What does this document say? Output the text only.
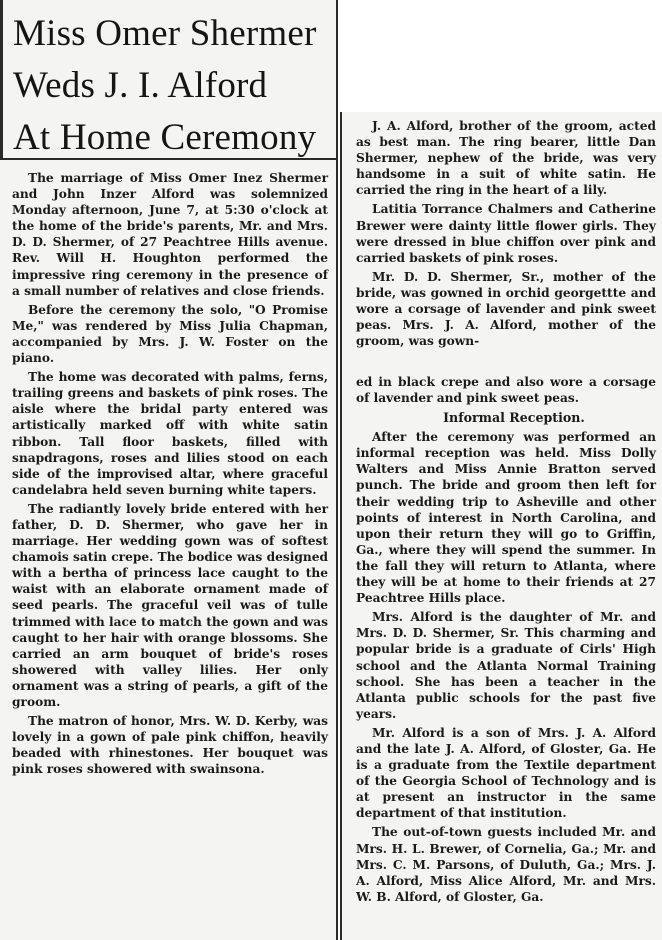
Miss Omer Shermer
Weds J. I. Alford
At Home Ceremony

The marriage of Miss Omer Inez Shermer and John Inzer Alford was solemnized Monday afternoon, June 7, at 5:30 o'clock at the home of the bride's parents, Mr. and Mrs. D. D. Shermer, of 27 Peachtree Hills avenue. Rev. Will H. Houghton performed the impressive ring ceremony in the presence of a small number of relatives and close friends.

Before the ceremony the solo, "O Promise Me," was rendered by Miss Julia Chapman, accompanied by Mrs. J. W. Foster on the piano.

The home was decorated with palms, ferns, trailing greens and baskets of pink roses. The aisle where the bridal party entered was artistically marked off with white satin ribbon. Tall floor baskets, filled with snapdragons, roses and lilies stood on each side of the improvised altar, where graceful candelabra held seven burning white tapers.

The radiantly lovely bride entered with her father, D. D. Shermer, who gave her in marriage. Her wedding gown was of softest chamois satin crepe. The bodice was designed with a bertha of princess lace caught to the waist with an elaborate ornament made of seed pearls. The graceful veil was of tulle trimmed with lace to match the gown and was caught to her hair with orange blossoms. She carried an arm bouquet of bride's roses showered with valley lilies. Her only ornament was a string of pearls, a gift of the groom.

The matron of honor, Mrs. W. D. Kerby, was lovely in a gown of pale pink chiffon, heavily beaded with rhinestones. Her bouquet was pink roses showered with swainsona.

J. A. Alford, brother of the groom, acted as best man. The ring bearer, little Dan Shermer, nephew of the bride, was very handsome in a suit of white satin. He carried the ring in the heart of a lily.

Latitia Torrance Chalmers and Catherine Brewer were dainty little flower girls. They were dressed in blue chiffon over pink and carried baskets of pink roses.

Mr. D. D. Shermer, Sr., mother of the bride, was gowned in orchid georgettte and wore a corsage of lavender and pink sweet peas. Mrs. J. A. Alford, mother of the groom, was gown-

ed in black crepe and also wore a corsage of lavender and pink sweet peas.

Informal Reception.

After the ceremony was performed an informal reception was held. Miss Dolly Walters and Miss Annie Bratton served punch. The bride and groom then left for their wedding trip to Asheville and other points of interest in North Carolina, and upon their return they will go to Griffin, Ga., where they will spend the summer. In the fall they will return to Atlanta, where they will be at home to their friends at 27 Peachtree Hills place.

Mrs. Alford is the daughter of Mr. and Mrs. D. D. Shermer, Sr. This charming and popular bride is a graduate of Cirls' High school and the Atlanta Normal Training school. She has been a teacher in the Atlanta public schools for the past five years.

Mr. Alford is a son of Mrs. J. A. Alford and the late J. A. Alford, of Gloster, Ga. He is a graduate from the Textile department of the Georgia School of Technology and is at present an instructor in the same department of that institution.

The out-of-town guests included Mr. and Mrs. H. L. Brewer, of Cornelia, Ga.; Mr. and Mrs. C. M. Parsons, of Duluth, Ga.; Mrs. J. A. Alford, Miss Alice Alford, Mr. and Mrs. W. B. Alford, of Gloster, Ga.
